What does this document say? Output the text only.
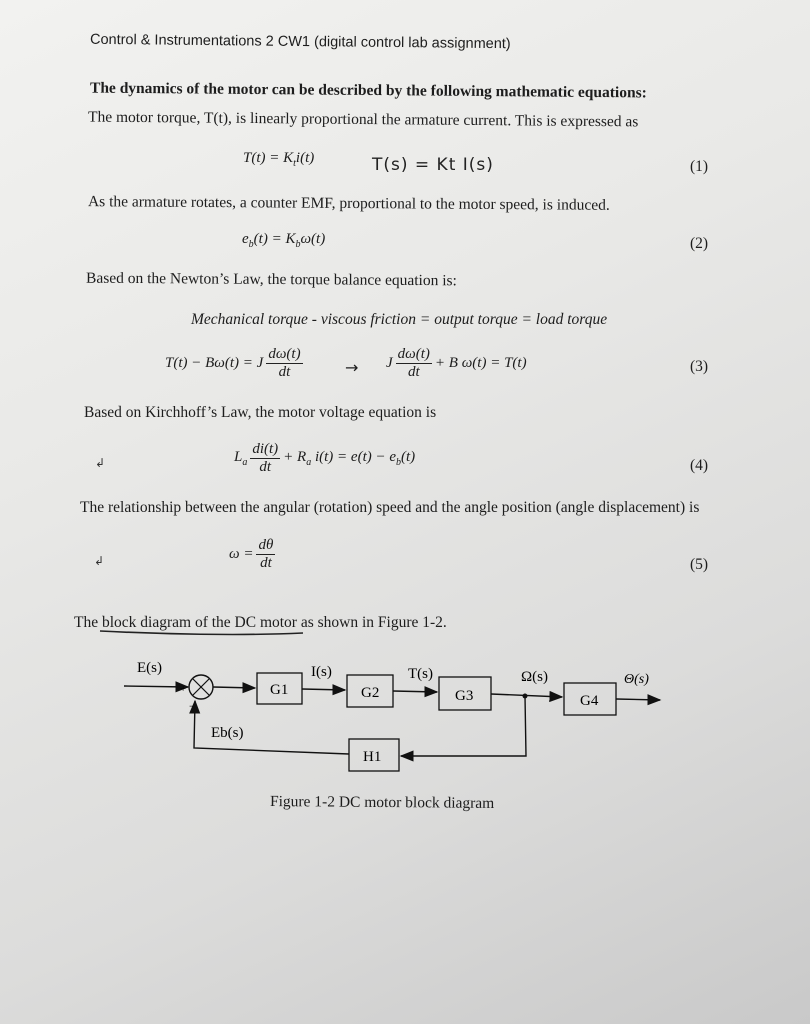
Control & Instrumentations 2 CW1 (digital control lab assignment)
The dynamics of the motor can be described by the following mathematic equations:
The motor torque, T(t), is linearly proportional the armature current. This is expressed as
$T(t) = K_ti(t)$	T(s) = Kt I(s)	(1)
As the armature rotates, a counter EMF, proportional to the motor speed, is induced.
$e_b(t) = K_b\omega(t)$	(2)
Based on the Newton’s Law, the torque balance equation is:
Mechanical torque - viscous friction = output torque = load torque
T(t) − Bω(t) = J $\frac{d\omega(t)}{dt}$	→ J $\frac{d\omega(t)}{dt} + B$ ω(t) = T(t)	(3)
Based on Kirchhoff’s Law, the motor voltage equation is
↲	$L_a \frac{di(t)}{dt} + R_a$ $i(t) = e(t) - e_b(t)$
(4)
The relationship between the angular (rotation) speed and the angle position (angle displacement) is
↲	$\omega = \frac{d\theta}{dt}$	(5)
The block diagram of the DC motor as shown in Figure 1-2.
E(s)
+
−
G1
I(s)
G2
T(s)
G3
Ω(s)
G4
Θ(s)
H1
Eb(s)
Figure 1-2 DC motor block diagram
